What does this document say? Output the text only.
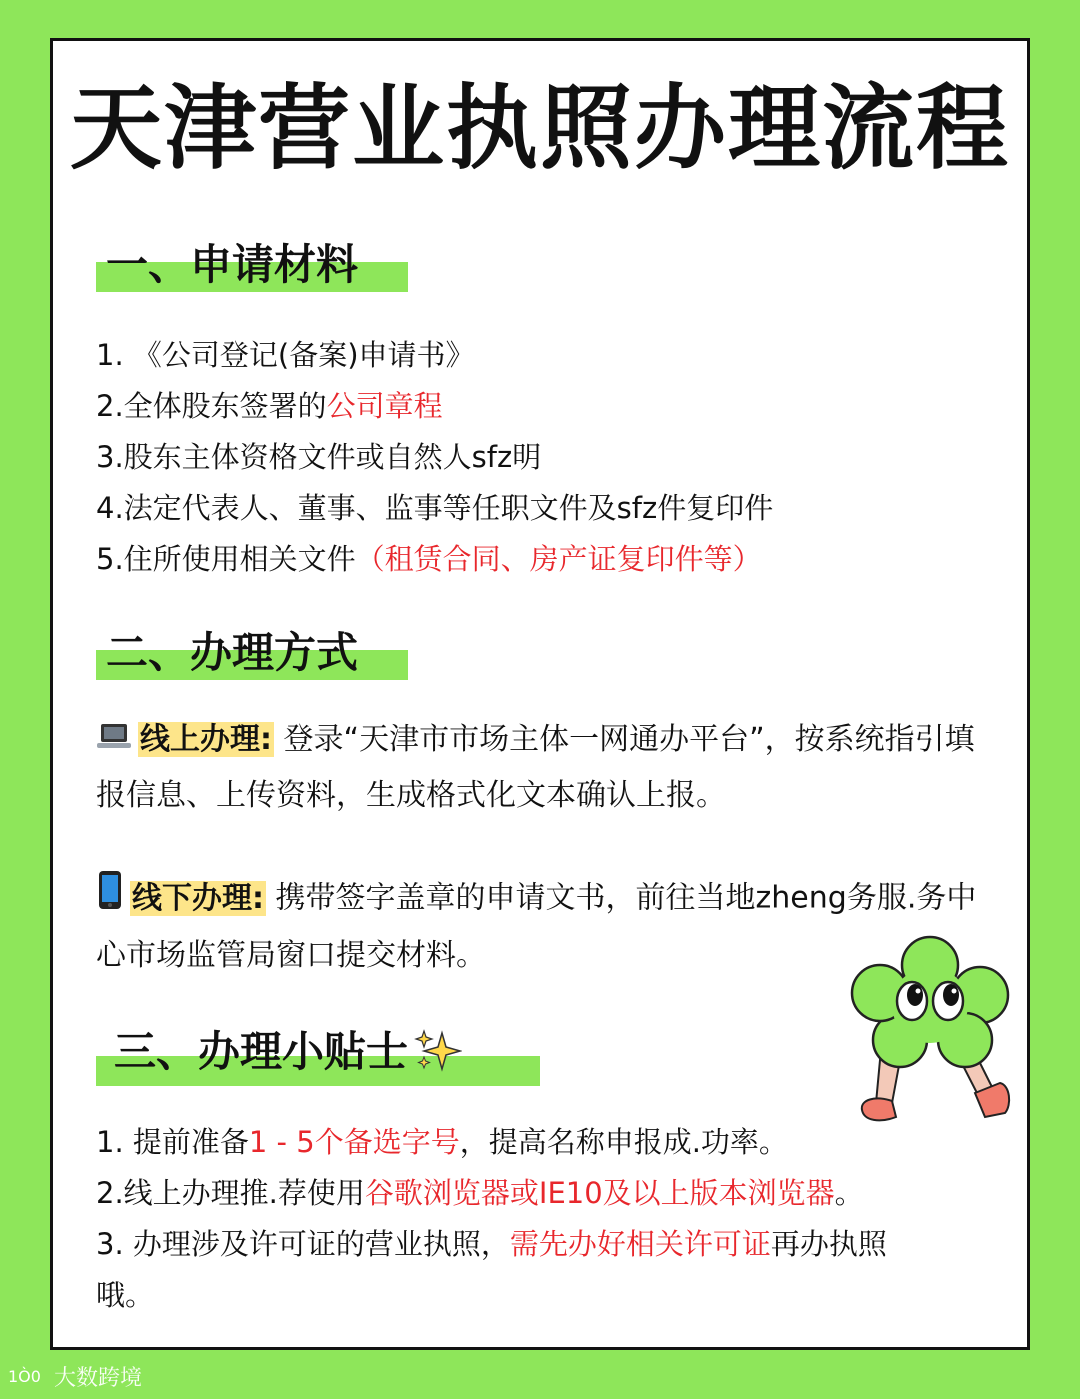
天津营业执照办理流程
一、申请材料
1. 《公司登记(备案)申请书》
2.全体股东签署的公司章程
3.股东主体资格文件或自然人sfz明
4.法定代表人、董事、监事等任职文件及sfz件复印件
5.住所使用相关文件（租赁合同、房产证复印件等）
二、办理方式
线上办理: 登录“天津市市场主体一网通办平台”，按系统指引填报信息、上传资料，生成格式化文本确认上报。
线下办理: 携带签字盖章的申请文书，前往当地zheng务服.务中心市场监管局窗口提交材料。
三、办理小贴士
1. 提前准备1 - 5个备选字号，提高名称申报成.功率。
2.线上办理推.荐使用谷歌浏览器或IE10及以上版本浏览器。
3. 办理涉及许可证的营业执照，需先办好相关许可证再办执照
哦。
1Ò0 大数跨境
